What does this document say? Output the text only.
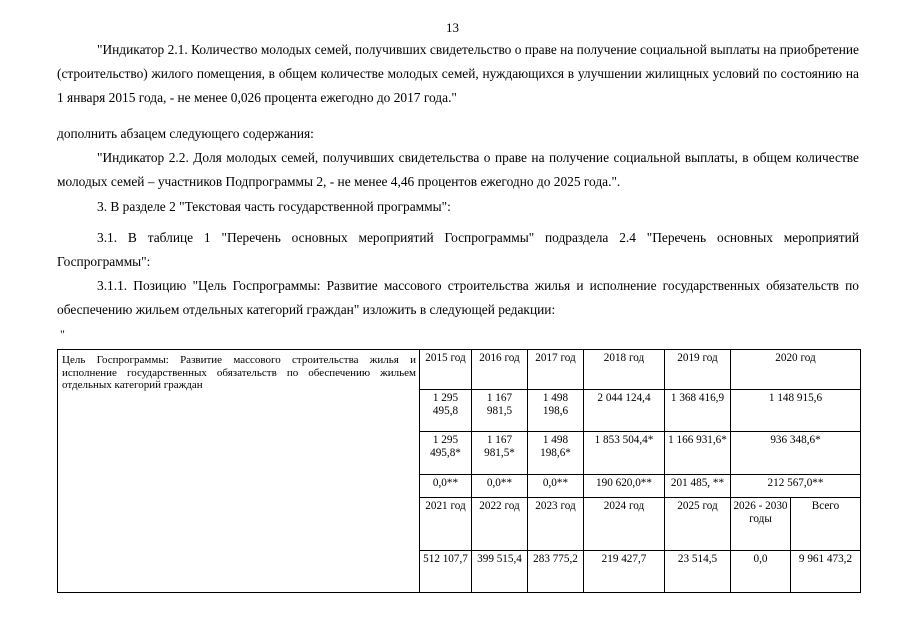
13
"Индикатор 2.1. Количество молодых семей, получивших свидетельство о праве на получение социальной выплаты на приобретение (строительство) жилого помещения, в общем количестве молодых семей, нуждающихся в улучшении жилищных условий по состоянию на 1 января 2015 года, - не менее 0,026 процента ежегодно до 2017 года."
дополнить абзацем следующего содержания:
"Индикатор 2.2. Доля молодых семей, получивших свидетельства о праве на получение социальной выплаты, в общем количестве молодых семей – участников Подпрограммы 2, - не менее 4,46 процентов ежегодно до 2025 года.".
3. В разделе 2 "Текстовая часть государственной программы":
3.1. В таблице 1 "Перечень основных мероприятий Госпрограммы" подраздела 2.4 "Перечень основных мероприятий Госпрограммы":
3.1.1. Позицию "Цель Госпрограммы: Развитие массового строительства жилья и исполнение государственных обязательств по обеспечению жильем отдельных категорий граждан" изложить в следующей редакции:
"
Цель Госпрограммы: Развитие массового строительства жилья и исполнение государственных обязательств по обеспечению жильем отдельных категорий граждан	2015 год	2016 год	2017 год	2018 год	2019 год	2020 год	
	1 295 495,8	1 167 981,5	1 498 198,6	2 044 124,4	1 368 416,9	1 148 915,6	
	1 295 495,8*	1 167 981,5*	1 498 198,6*	1 853 504,4*	1 166 931,6*	936 348,6*	
	0,0**	0,0**	0,0**	190 620,0**	201 485, **	212 567,0**	
	2021 год	2022 год	2023 год	2024 год	2025 год	2026 - 2030 годы	Всего
	512 107,7	399 515,4	283 775,2	219 427,7	23 514,5	0,0	9 961 473,2
